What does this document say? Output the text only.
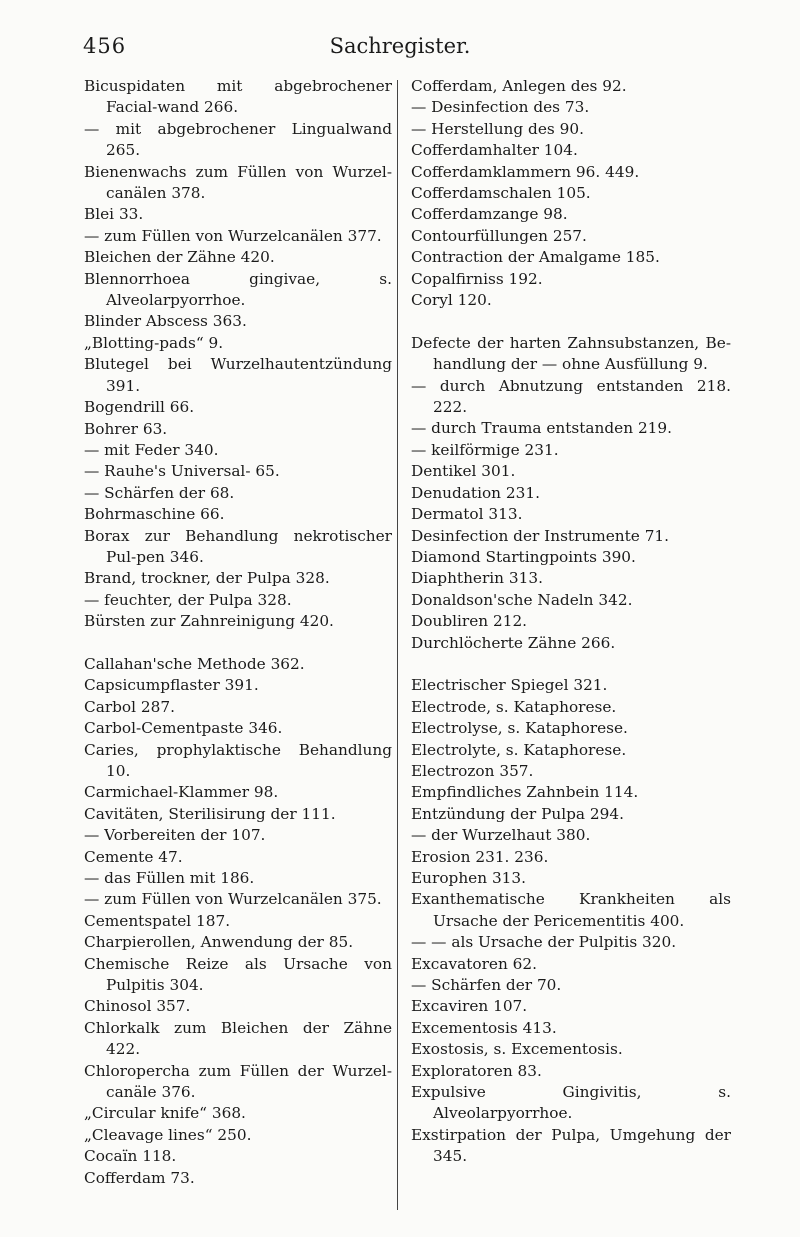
456	Sachregister.
Bicuspidaten mit abgebrochener Facial-wand 266.
— mit abgebrochener Lingualwand 265.
Bienenwachs zum Füllen von Wurzel-canälen 378.
Blei 33.
— zum Füllen von Wurzelcanälen 377.
Bleichen der Zähne 420.
Blennorrhoea gingivae, s. Alveolarpyorrhoe.
Blinder Abscess 363.
„Blotting-pads“ 9.
Blutegel bei Wurzelhautentzündung 391.
Bogendrill 66.
Bohrer 63.
— mit Feder 340.
— Rauhe's Universal- 65.
— Schärfen der 68.
Bohrmaschine 66.
Borax zur Behandlung nekrotischer Pul-pen 346.
Brand, trockner, der Pulpa 328.
— feuchter, der Pulpa 328.
Bürsten zur Zahnreinigung 420.
Callahan'sche Methode 362.
Capsicumpflaster 391.
Carbol 287.
Carbol-Cementpaste 346.
Caries, prophylaktische Behandlung 10.
Carmichael-Klammer 98.
Cavitäten, Sterilisirung der 111.
— Vorbereiten der 107.
Cemente 47.
— das Füllen mit 186.
— zum Füllen von Wurzelcanälen 375.
Cementspatel 187.
Charpierollen, Anwendung der 85.
Chemische Reize als Ursache von Pulpitis 304.
Chinosol 357.
Chlorkalk zum Bleichen der Zähne 422.
Chloropercha zum Füllen der Wurzel-canäle 376.
„Circular knife“ 368.
„Cleavage lines“ 250.
Cocaïn 118.
Cofferdam 73.
Cofferdam, Anlegen des 92.
— Desinfection des 73.
— Herstellung des 90.
Cofferdamhalter 104.
Cofferdamklammern 96. 449.
Cofferdamschalen 105.
Cofferdamzange 98.
Contourfüllungen 257.
Contraction der Amalgame 185.
Copalfirniss 192.
Coryl 120.
Defecte der harten Zahnsubstanzen, Be-handlung der — ohne Ausfüllung 9.
— durch Abnutzung entstanden 218. 222.
— durch Trauma entstanden 219.
— keilförmige 231.
Dentikel 301.
Denudation 231.
Dermatol 313.
Desinfection der Instrumente 71.
Diamond Startingpoints 390.
Diaphtherin 313.
Donaldson'sche Nadeln 342.
Doubliren 212.
Durchlöcherte Zähne 266.
Electrischer Spiegel 321.
Electrode, s. Kataphorese.
Electrolyse, s. Kataphorese.
Electrolyte, s. Kataphorese.
Electrozon 357.
Empfindliches Zahnbein 114.
Entzündung der Pulpa 294.
— der Wurzelhaut 380.
Erosion 231. 236.
Europhen 313.
Exanthematische Krankheiten als Ursache der Pericementitis 400.
— — als Ursache der Pulpitis 320.
Excavatoren 62.
— Schärfen der 70.
Excaviren 107.
Excementosis 413.
Exostosis, s. Excementosis.
Exploratoren 83.
Expulsive Gingivitis, s. Alveolarpyorrhoe.
Exstirpation der Pulpa, Umgehung der 345.
